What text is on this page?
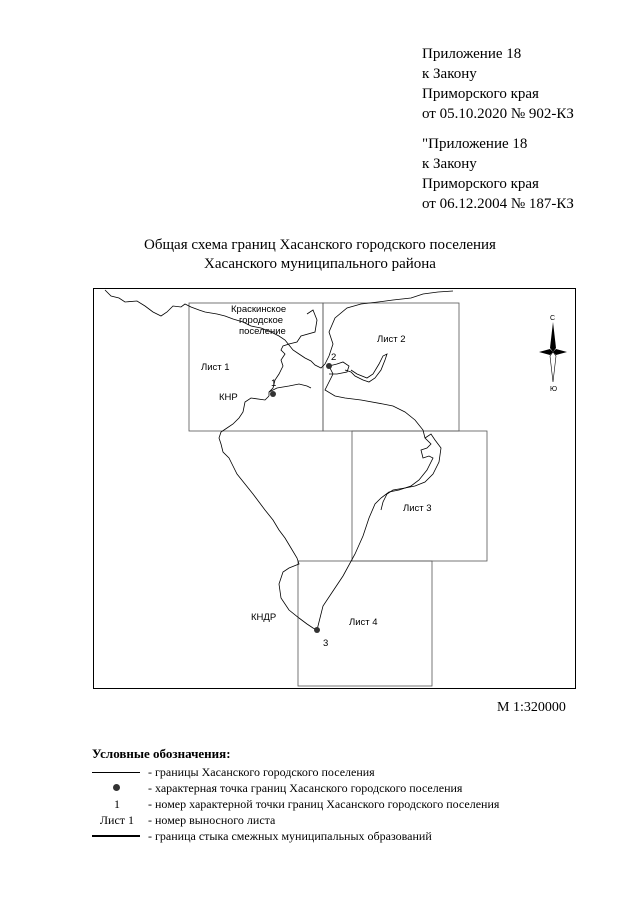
Приложение 18
к Закону
Приморского края
от 05.10.2020 № 902-КЗ
"Приложение 18
к Закону
Приморского края
от 06.12.2004 № 187-КЗ
Общая схема границ Хасанского городского поселения
Хасанского муниципального района
Краскинское
городское
поселение
Лист 1
Лист 2
Лист 3
Лист 4
КНР
КНДР
1
2
3
С
Ю
М 1:320000
Условные обозначения:
- границы Хасанского городского поселения
- характерная точка границ Хасанского городского поселения
1	- номер характерной точки границ Хасанского городского поселения
Лист 1	- номер выносного листа
- граница стыка смежных муниципальных образований
